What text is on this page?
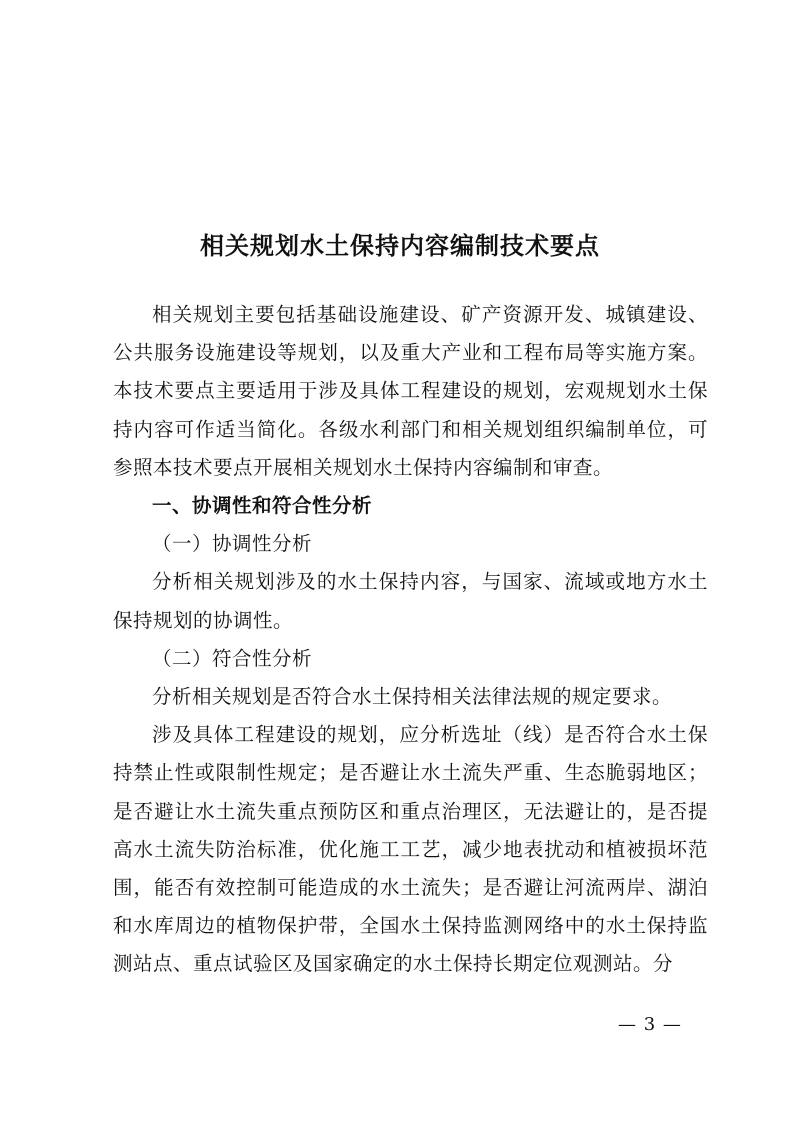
相关规划水土保持内容编制技术要点

相关规划主要包括基础设施建设、矿产资源开发、城镇建设、公共服务设施建设等规划，以及重大产业和工程布局等实施方案。本技术要点主要适用于涉及具体工程建设的规划，宏观规划水土保持内容可作适当简化。各级水利部门和相关规划组织编制单位，可参照本技术要点开展相关规划水土保持内容编制和审查。

一、协调性和符合性分析

（一）协调性分析

分析相关规划涉及的水土保持内容，与国家、流域或地方水土保持规划的协调性。

（二）符合性分析

分析相关规划是否符合水土保持相关法律法规的规定要求。

涉及具体工程建设的规划，应分析选址（线）是否符合水土保持禁止性或限制性规定；是否避让水土流失严重、生态脆弱地区；是否避让水土流失重点预防区和重点治理区，无法避让的，是否提高水土流失防治标准，优化施工工艺，减少地表扰动和植被损坏范围，能否有效控制可能造成的水土流失；是否避让河流两岸、湖泊和水库周边的植物保护带，全国水土保持监测网络中的水土保持监测站点、重点试验区及国家确定的水土保持长期定位观测站。分

— 3 —
